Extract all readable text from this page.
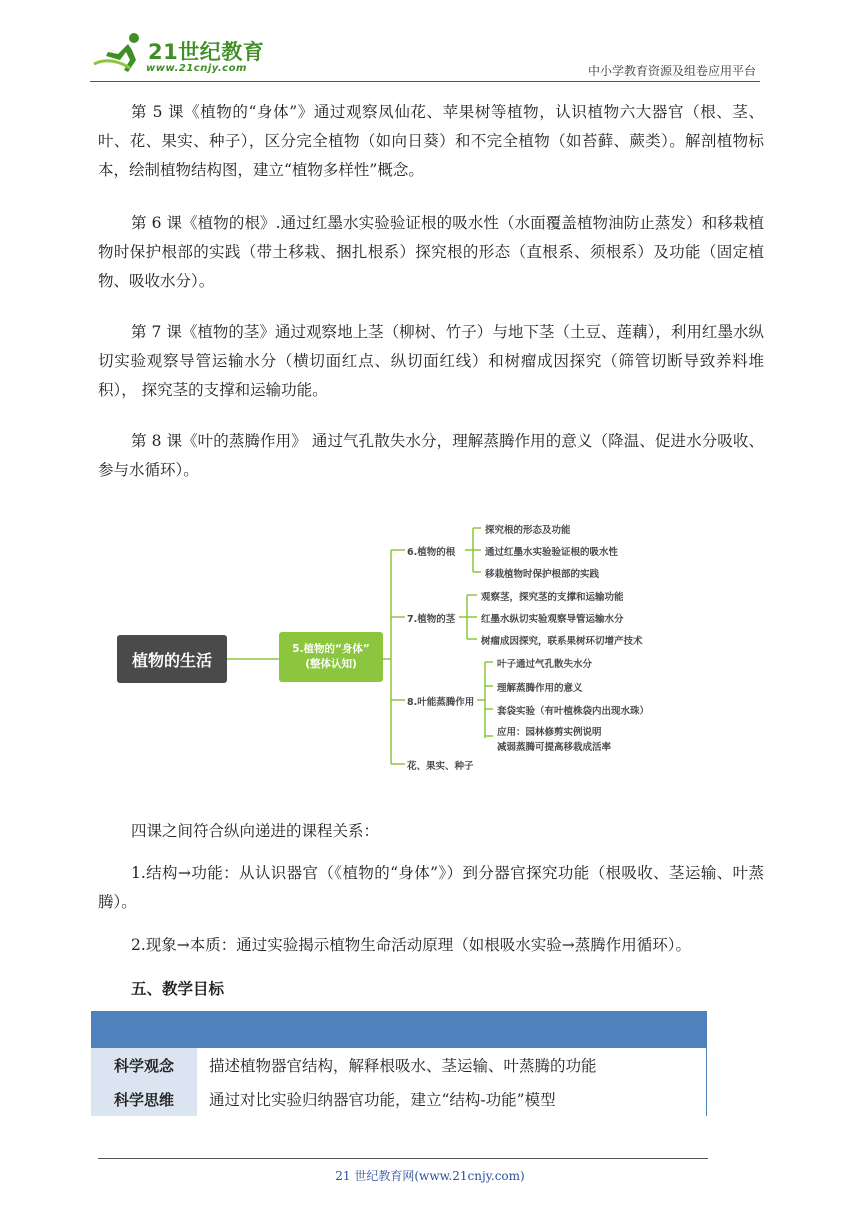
21世纪教育
www.21cnjy.com	中小学教育资源及组卷应用平台

第 5 课《植物的“身体”》通过观察凤仙花、苹果树等植物，认识植物六大器官（根、茎、叶、花、果实、种子），区分完全植物（如向日葵）和不完全植物（如苔藓、蕨类）。解剖植物标本，绘制植物结构图，建立“植物多样性”概念。

第 6 课《植物的根》.通过红墨水实验验证根的吸水性（水面覆盖植物油防止蒸发）和移栽植物时保护根部的实践（带土移栽、捆扎根系）探究根的形态（直根系、须根系）及功能（固定植物、吸收水分）。

第 7 课《植物的茎》通过观察地上茎（柳树、竹子）与地下茎（土豆、莲藕），利用红墨水纵切实验观察导管运输水分（横切面红点、纵切面红线）和树瘤成因探究（筛管切断导致养料堆积）， 探究茎的支撑和运输功能。

第 8 课《叶的蒸腾作用》 通过气孔散失水分，理解蒸腾作用的意义（降温、促进水分吸收、参与水循环）。

植物的生活
5.植物的“身体”
(整体认知)
6.植物的根
探究根的形态及功能
通过红墨水实验验证根的吸水性
移栽植物时保护根部的实践
7.植物的茎
观察茎，探究茎的支撑和运输功能
红墨水纵切实验观察导管运输水分
树瘤成因探究，联系果树环切增产技术
8.叶能蒸腾作用
叶子通过气孔散失水分
理解蒸腾作用的意义
套袋实验（有叶植株袋内出现水珠）
应用：园林修剪实例说明
减弱蒸腾可提高移栽成活率
花、果实、种子

四课之间符合纵向递进的课程关系：

1.结构→功能：从认识器官（《植物的“身体”》）到分器官探究功能（根吸收、茎运输、叶蒸腾）。

2.现象→本质：通过实验揭示植物生命活动原理（如根吸水实验→蒸腾作用循环）。

五、教学目标
科学观念	描述植物器官结构，解释根吸水、茎运输、叶蒸腾的功能
科学思维	通过对比实验归纳器官功能，建立“结构-功能”模型
21 世纪教育网(www.21cnjy.com)
